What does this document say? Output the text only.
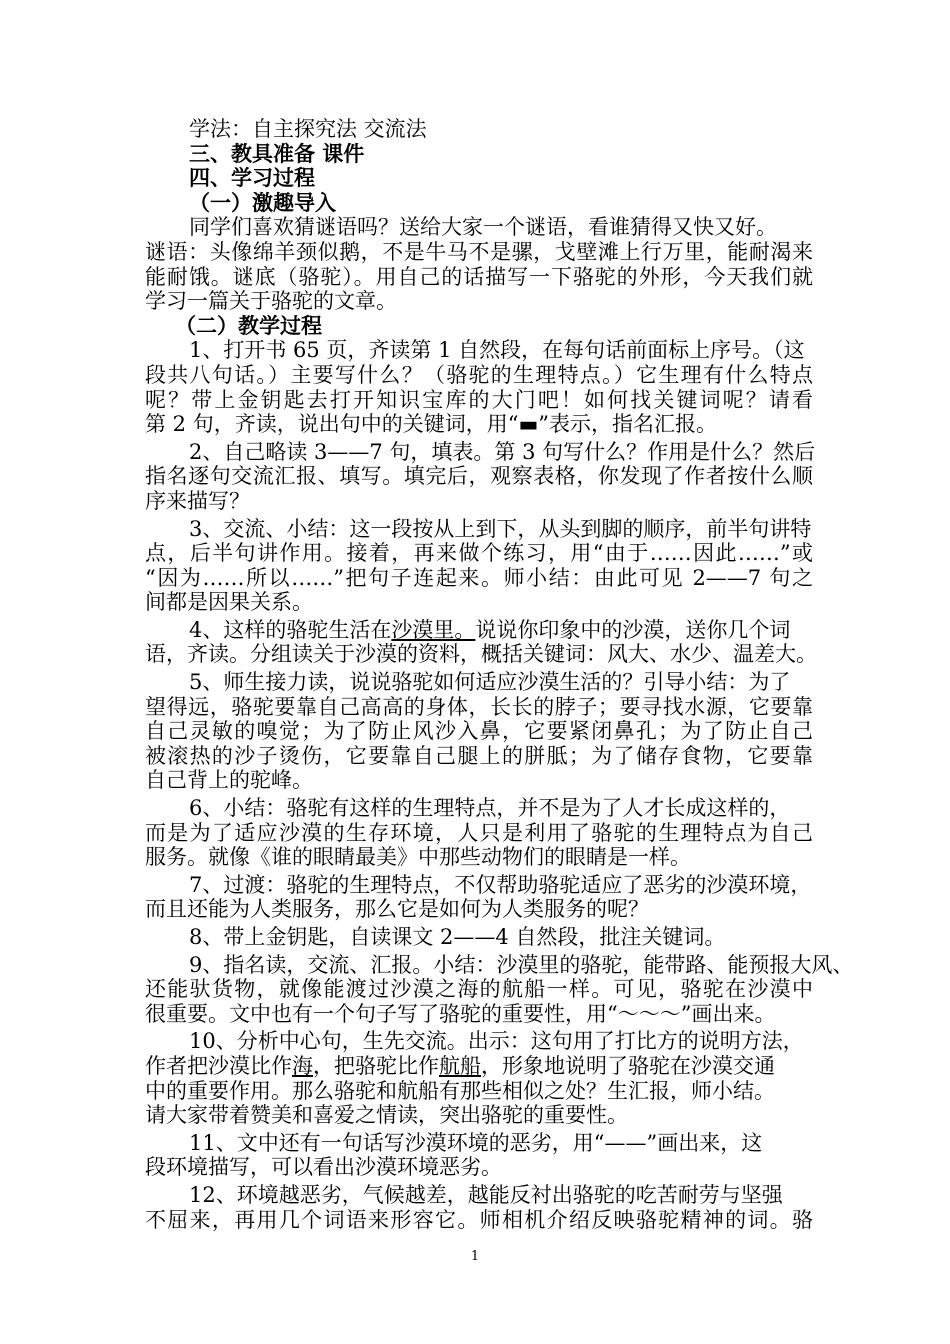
学法：自主探究法 交流法
三、教具准备 课件
四、学习过程
（一）激趣导入
同学们喜欢猜谜语吗？送给大家一个谜语，看谁猜得又快又好。
谜语：头像绵羊颈似鹅，不是牛马不是骡，戈壁滩上行万里，能耐渴来
能耐饿。谜底（骆驼）。用自己的话描写一下骆驼的外形，今天我们就
学习一篇关于骆驼的文章。
（二）教学过程
1、打开书 65 页，齐读第 1 自然段，在每句话前面标上序号。（这
段共八句话。）主要写什么？（骆驼的生理特点。）它生理有什么特点
呢？带上金钥匙去打开知识宝库的大门吧！如何找关键词呢？请看
第 2 句，齐读，说出句中的关键词，用“▬”表示，指名汇报。
2、自己略读 3——7 句，填表。第 3 句写什么？作用是什么？然后
指名逐句交流汇报、填写。填完后，观察表格，你发现了作者按什么顺
序来描写？
3、交流、小结：这一段按从上到下，从头到脚的顺序，前半句讲特
点，后半句讲作用。接着，再来做个练习，用“由于……因此……”或
“因为……所以……”把句子连起来。师小结：由此可见 2——7 句之
间都是因果关系。
4、这样的骆驼生活在沙漠里。说说你印象中的沙漠，送你几个词
语，齐读。分组读关于沙漠的资料，概括关键词：风大、水少、温差大。
5、师生接力读，说说骆驼如何适应沙漠生活的？引导小结：为了
望得远，骆驼要靠自己高高的身体，长长的脖子；要寻找水源，它要靠
自己灵敏的嗅觉；为了防止风沙入鼻，它要紧闭鼻孔；为了防止自己
被滚热的沙子烫伤，它要靠自己腿上的胼胝；为了储存食物，它要靠
自己背上的驼峰。
6、小结：骆驼有这样的生理特点，并不是为了人才长成这样的，
而是为了适应沙漠的生存环境，人只是利用了骆驼的生理特点为自己
服务。就像《谁的眼睛最美》中那些动物们的眼睛是一样。
7、过渡：骆驼的生理特点，不仅帮助骆驼适应了恶劣的沙漠环境，
而且还能为人类服务，那么它是如何为人类服务的呢？
8、带上金钥匙，自读课文 2——4 自然段，批注关键词。
9、指名读，交流、汇报。小结：沙漠里的骆驼，能带路、能预报大风、
还能驮货物，就像能渡过沙漠之海的航船一样。可见，骆驼在沙漠中
很重要。文中也有一个句子写了骆驼的重要性，用“～～～”画出来。
10、分析中心句，生先交流。出示：这句用了打比方的说明方法，
作者把沙漠比作海，把骆驼比作航船，形象地说明了骆驼在沙漠交通
中的重要作用。那么骆驼和航船有那些相似之处？生汇报，师小结。
请大家带着赞美和喜爱之情读，突出骆驼的重要性。
11、文中还有一句话写沙漠环境的恶劣，用“——”画出来，这
段环境描写，可以看出沙漠环境恶劣。
12、环境越恶劣，气候越差，越能反衬出骆驼的吃苦耐劳与坚强
不屈来，再用几个词语来形容它。师相机介绍反映骆驼精神的词。骆
1
